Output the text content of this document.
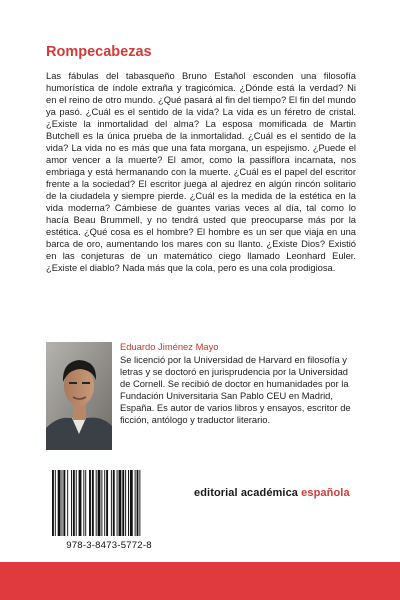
Rompecabezas
Las fábulas del tabasqueño Bruno Estañol esconden una filosofía humorística de índole extraña y tragicómica. ¿Dónde está la verdad? Ni en el reino de otro mundo. ¿Qué pasará al fin del tiempo? El fin del mundo ya pasó. ¿Cuál es el sentido de la vida? La vida es un féretro de cristal. ¿Existe la inmortalidad del alma? La esposa momificada de Martin Butchell es la única prueba de la inmortalidad. ¿Cuál es el sentido de la vida? La vida no es más que una fata morgana, un espejismo. ¿Puede el amor vencer a la muerte? El amor, como la passiflora incarnata, nos embriaga y está hermanando con la muerte. ¿Cuál es el papel del escritor frente a la sociedad? El escritor juega al ajedrez en algún rincón solitario de la ciudadela y siempre pierde. ¿Cuál es la medida de la estética en la vida moderna? Cámbiese de guantes varias veces al día, tal como lo hacía Beau Brummell, y no tendrá usted que preocuparse más por la estética. ¿Qué cosa es el hombre? El hombre es un ser que viaja en una barca de oro, aumentando los mares con su llanto. ¿Existe Dios? Existió en las conjeturas de un matemático ciego llamado Leonhard Euler. ¿Existe el diablo? Nada más que la cola, pero es una cola prodigiosa.
Eduardo Jiménez Mayo
Se licenció por la Universidad de Harvard en filosofía y letras y se doctoró en jurisprudencia por la Universidad de Cornell. Se recibió de doctor en humanidades por la Fundación Universitaria San Pablo CEU en Madrid, España. Es autor de varios libros y ensayos, escritor de ficción, antólogo y traductor literario.
978-3-8473-5772-8
editorial académica española
